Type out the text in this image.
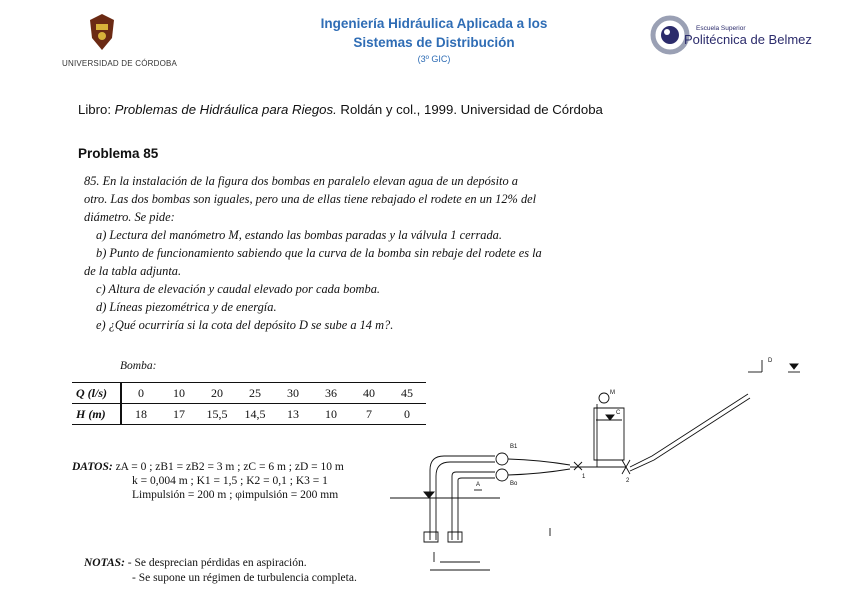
UNIVERSIDAD DE CÓRDOBA
Ingeniería Hidráulica Aplicada a los
Sistemas de Distribución
(3º GIC)
Escuela Superior
Politécnica de Belmez
Libro: Problemas de Hidráulica para Riegos. Roldán y col., 1999. Universidad de Córdoba
Problema 85

85. En la instalación de la figura dos bombas en paralelo elevan agua de un depósito a otro. Las dos bombas son iguales, pero una de ellas tiene rebajado el rodete en un 12% del diámetro. Se pide:

a) Lectura del manómetro M, estando las bombas paradas y la válvula 1 cerrada.

b) Punto de funcionamiento sabiendo que la curva de la bomba sin rebaje del rodete es la de la tabla adjunta.

c) Altura de elevación y caudal elevado por cada bomba.

d) Líneas piezométrica y de energía.

e) ¿Qué ocurriría si la cota del depósito D se sube a 14 m?.

Bomba:
Q (l/s)	0	10	20	25	30	36	40	45
H (m)	18	17	15,5	14,5	13	10	7	0
DATOS: zA = 0 ; zB1 = zB2 = 3 m ; zC = 6 m ; zD = 10 m
k = 0,004 m ; K1 = 1,5 ; K2 = 0,1 ; K3 = 1
Limpulsión = 200 m ; φimpulsión = 200 mm
NOTAS: - Se desprecian pérdidas en aspiración.
- Se supone un régimen de turbulencia completa.
B1
Bo
A
1
2
M
C
D
